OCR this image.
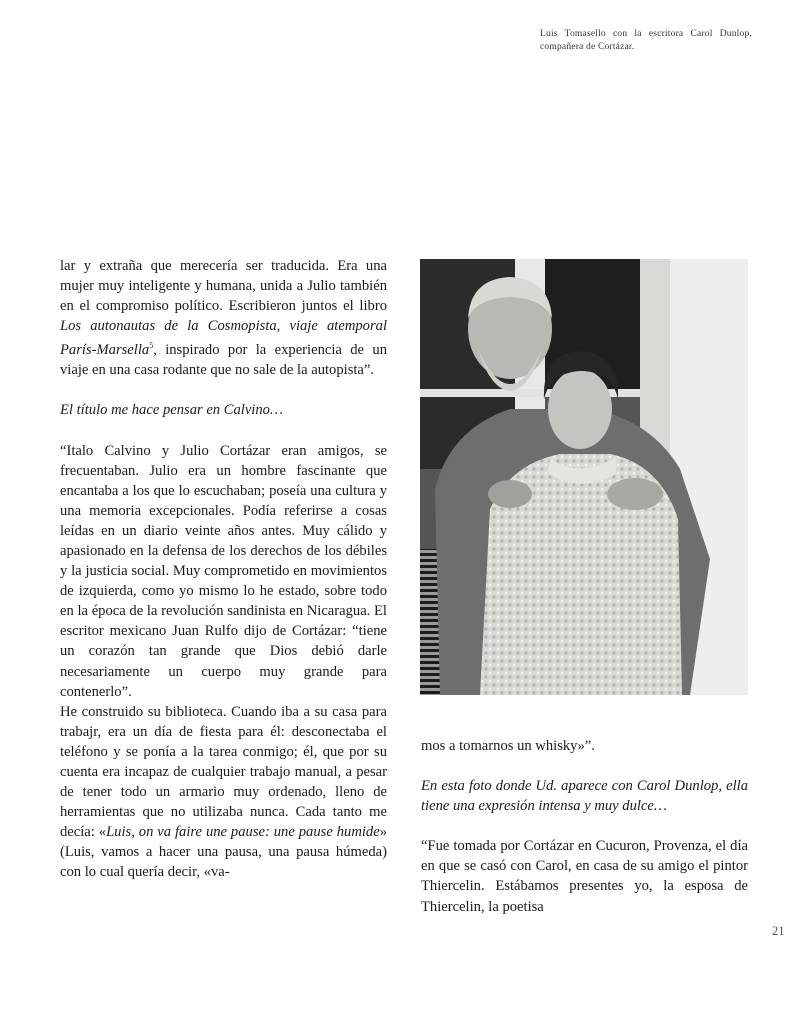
Luis Tomasello con la escritora Carol Dunlop, compañera de Cortázar.

lar y extraña que merecería ser traducida. Era una mujer muy inteligente y humana, unida a Julio también en el compromiso político. Escribieron juntos el libro Los autonautas de la Cosmopista, viaje atemporal París-Marsella$^5$, inspirado por la experiencia de un viaje en una casa rodante que no sale de la autopista”.

El título me hace pensar en Calvino…

“Italo Calvino y Julio Cortázar eran amigos, se frecuentaban. Julio era un hombre fascinante que encantaba a los que lo escuchaban; poseía una cultura y una memoria excepcionales. Podía referirse a cosas leídas en un diario veinte años antes. Muy cálido y apasionado en la defensa de los derechos de los débiles y la justicia social. Muy comprometido en movimientos de izquierda, como yo mismo lo he estado, sobre todo en la época de la revolución sandinista en Nicaragua. El escritor mexicano Juan Rulfo dijo de Cortázar: “tiene un corazón tan grande que Dios debió darle necesariamente un cuerpo muy grande para contenerlo”.

He construido su biblioteca. Cuando iba a su casa para trabajr, era un día de fiesta para él: desconectaba el teléfono y se ponía a la tarea conmigo; él, que por su cuenta era incapaz de cualquier trabajo manual, a pesar de tener todo un armario muy ordenado, lleno de herramientas que no utilizaba nunca. Cada tanto me decía: «Luis, on va faire une pause: une pause humide» (Luis, vamos a hacer una pausa, una pausa húmeda) con lo cual quería decir, «va-

mos a tomarnos un whisky»”.

En esta foto donde Ud. aparece con Carol Dunlop, ella tiene una expresión intensa y muy dulce…

“Fue tomada por Cortázar en Cucuron, Provenza, el día en que se casó con Carol, en casa de su amigo el pintor Thiercelin. Estábamos presentes yo, la esposa de Thiercelin, la poetisa

21
